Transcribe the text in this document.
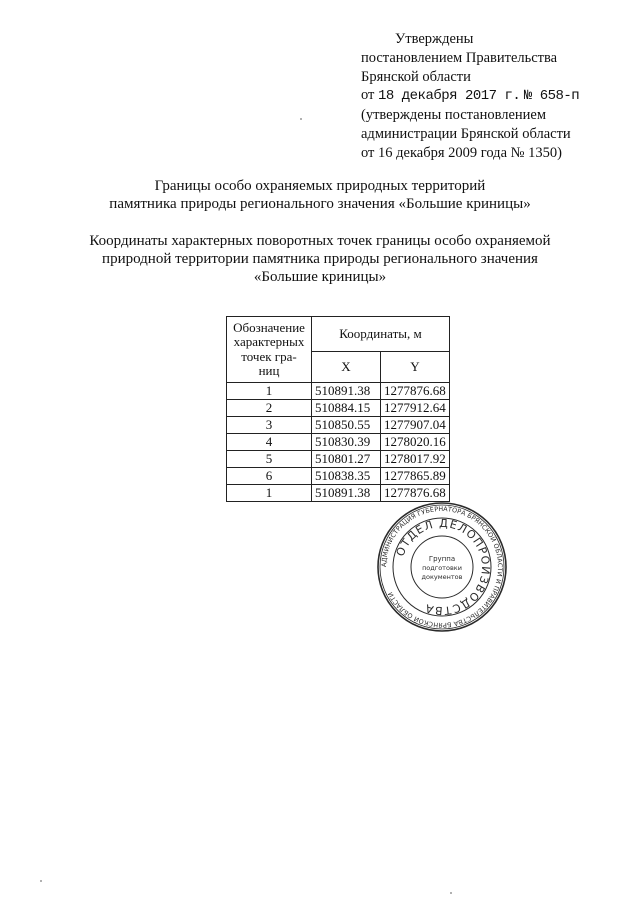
Утверждены
постановлением Правительства
Брянской области
от 18 декабря 2017 г. № 658-п
(утверждены постановлением
администрации Брянской области
от 16 декабря 2009 года № 1350)
Границы особо охраняемых природных территорий
памятника природы регионального значения «Большие криницы»
Координаты характерных поворотных точек границы особо охраняемой
природной территории памятника природы регионального значения
«Большие криницы»
Обозначение
характерных
точек гра-
ниц	Координаты, м	
	X	Y
1	510891.38	1277876.68
2	510884.15	1277912.64
3	510850.55	1277907.04
4	510830.39	1278020.16
5	510801.27	1278017.92
6	510838.35	1277865.89
1	510891.38	1277876.68
АДМИНИСТРАЦИЯ ГУБЕРНАТОРА БРЯНСКОЙ ОБЛАСТИ И ПРАВИТЕЛЬСТВА БРЯНСКОЙ ОБЛАСТИ
ОТДЕЛ ДЕЛОПРОИЗВОДСТВА
Группа
подготовки
документов
